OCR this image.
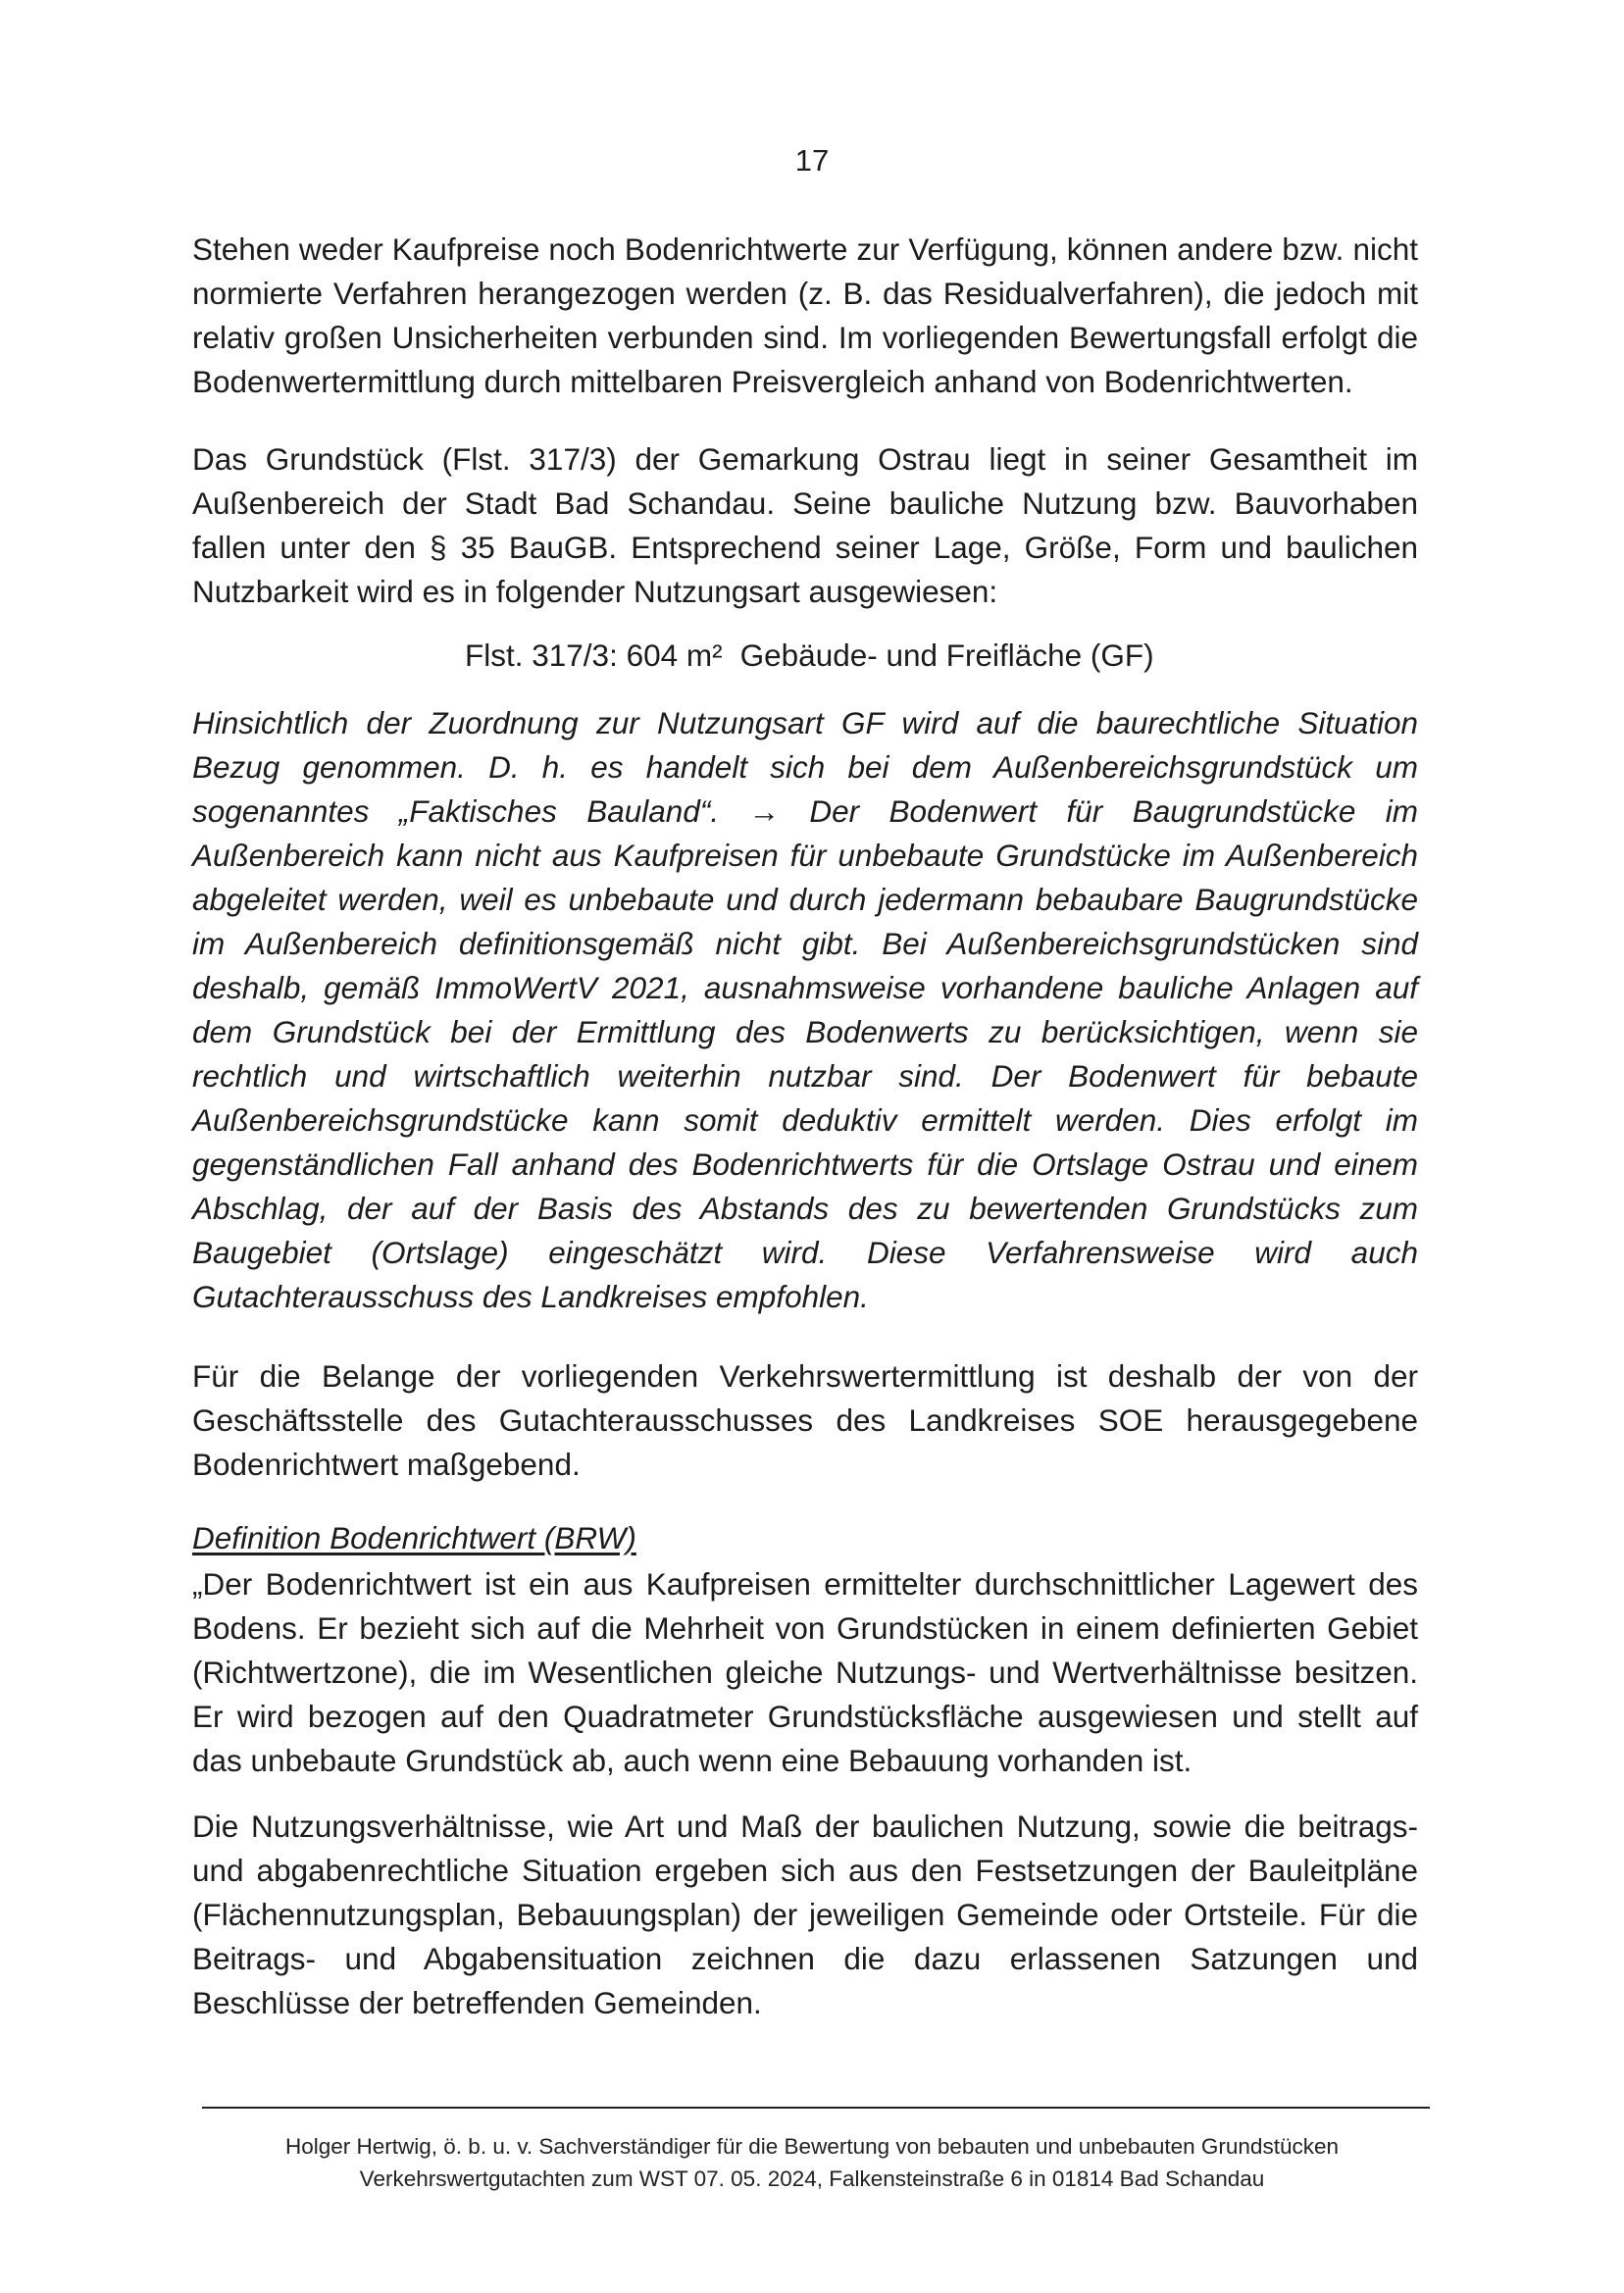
17

Stehen weder Kaufpreise noch Bodenrichtwerte zur Verfügung, können andere bzw. nicht normierte Verfahren herangezogen werden (z. B. das Residualverfahren), die jedoch mit relativ großen Unsicherheiten verbunden sind. Im vorliegenden Bewertungsfall erfolgt die Bodenwertermittlung durch mittelbaren Preisvergleich anhand von Bodenrichtwerten.

Das Grundstück (Flst. 317/3) der Gemarkung Ostrau liegt in seiner Gesamtheit im Außenbereich der Stadt Bad Schandau. Seine bauliche Nutzung bzw. Bauvorhaben fallen unter den § 35 BauGB. Entsprechend seiner Lage, Größe, Form und baulichen Nutzbarkeit wird es in folgender Nutzungsart ausgewiesen:

Flst. 317/3: 604 m² Gebäude- und Freifläche (GF)

Hinsichtlich der Zuordnung zur Nutzungsart GF wird auf die baurechtliche Situation Bezug genommen. D. h. es handelt sich bei dem Außenbereichsgrundstück um sogenanntes „Faktisches Bauland“. → Der Bodenwert für Baugrundstücke im Außenbereich kann nicht aus Kaufpreisen für unbebaute Grundstücke im Außenbereich abgeleitet werden, weil es unbebaute und durch jedermann bebaubare Baugrundstücke im Außenbereich definitionsgemäß nicht gibt. Bei Außenbereichsgrundstücken sind deshalb, gemäß ImmoWertV 2021, ausnahmsweise vorhandene bauliche Anlagen auf dem Grundstück bei der Ermittlung des Bodenwerts zu berücksichtigen, wenn sie rechtlich und wirtschaftlich weiterhin nutzbar sind. Der Bodenwert für bebaute Außenbereichsgrundstücke kann somit deduktiv ermittelt werden. Dies erfolgt im gegenständlichen Fall anhand des Bodenrichtwerts für die Ortslage Ostrau und einem Abschlag, der auf der Basis des Abstands des zu bewertenden Grundstücks zum Baugebiet (Ortslage) eingeschätzt wird. Diese Verfahrensweise wird auch Gutachterausschuss des Landkreises empfohlen.

Für die Belange der vorliegenden Verkehrswertermittlung ist deshalb der von der Geschäftsstelle des Gutachterausschusses des Landkreises SOE herausgegebene Bodenrichtwert maßgebend.

Definition Bodenrichtwert (BRW)

„Der Bodenrichtwert ist ein aus Kaufpreisen ermittelter durchschnittlicher Lagewert des Bodens. Er bezieht sich auf die Mehrheit von Grundstücken in einem definierten Gebiet (Richtwertzone), die im Wesentlichen gleiche Nutzungs- und Wertverhältnisse besitzen. Er wird bezogen auf den Quadratmeter Grundstücksfläche ausgewiesen und stellt auf das unbebaute Grundstück ab, auch wenn eine Bebauung vorhanden ist.

Die Nutzungsverhältnisse, wie Art und Maß der baulichen Nutzung, sowie die beitrags- und abgabenrechtliche Situation ergeben sich aus den Festsetzungen der Bauleitpläne (Flächennutzungsplan, Bebauungsplan) der jeweiligen Gemeinde oder Ortsteile. Für die Beitrags- und Abgabensituation zeichnen die dazu erlassenen Satzungen und Beschlüsse der betreffenden Gemeinden.

Holger Hertwig, ö. b. u. v. Sachverständiger für die Bewertung von bebauten und unbebauten Grundstücken
Verkehrswertgutachten zum WST 07. 05. 2024, Falkensteinstraße 6 in 01814 Bad Schandau
